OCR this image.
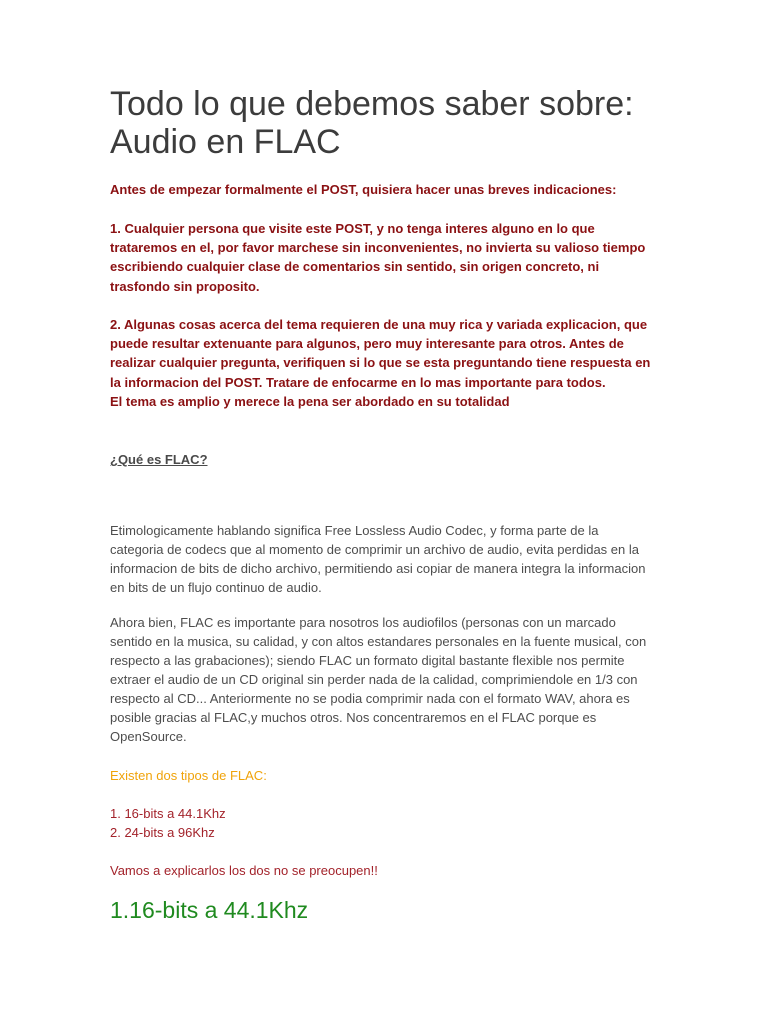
Todo lo que debemos saber sobre: Audio en FLAC

Antes de empezar formalmente el POST, quisiera hacer unas breves indicaciones:

1. Cualquier persona que visite este POST, y no tenga interes alguno en lo que trataremos en el, por favor marchese sin inconvenientes, no invierta su valioso tiempo escribiendo cualquier clase de comentarios sin sentido, sin origen concreto, ni trasfondo sin proposito.

2. Algunas cosas acerca del tema requieren de una muy rica y variada explicacion, que puede resultar extenuante para algunos, pero muy interesante para otros. Antes de realizar cualquier pregunta, verifiquen si lo que se esta preguntando tiene respuesta en la informacion del POST. Tratare de enfocarme en lo mas importante para todos.
El tema es amplio y merece la pena ser abordado en su totalidad

¿Qué es FLAC?

Etimologicamente hablando significa Free Lossless Audio Codec, y forma parte de la categoria de codecs que al momento de comprimir un archivo de audio, evita perdidas en la informacion de bits de dicho archivo, permitiendo asi copiar de manera integra la informacion en bits de un flujo continuo de audio.

Ahora bien, FLAC es importante para nosotros los audiofilos (personas con un marcado sentido en la musica, su calidad, y con altos estandares personales en la fuente musical, con respecto a las grabaciones); siendo FLAC un formato digital bastante flexible nos permite extraer el audio de un CD original sin perder nada de la calidad, comprimiendole en 1/3 con respecto al CD... Anteriormente no se podia comprimir nada con el formato WAV, ahora es posible gracias al FLAC,y muchos otros. Nos concentraremos en el FLAC porque es OpenSource.

Existen dos tipos de FLAC:

1. 16-bits a 44.1Khz
2. 24-bits a 96Khz

Vamos a explicarlos los dos no se preocupen!!

1.16-bits a 44.1Khz
